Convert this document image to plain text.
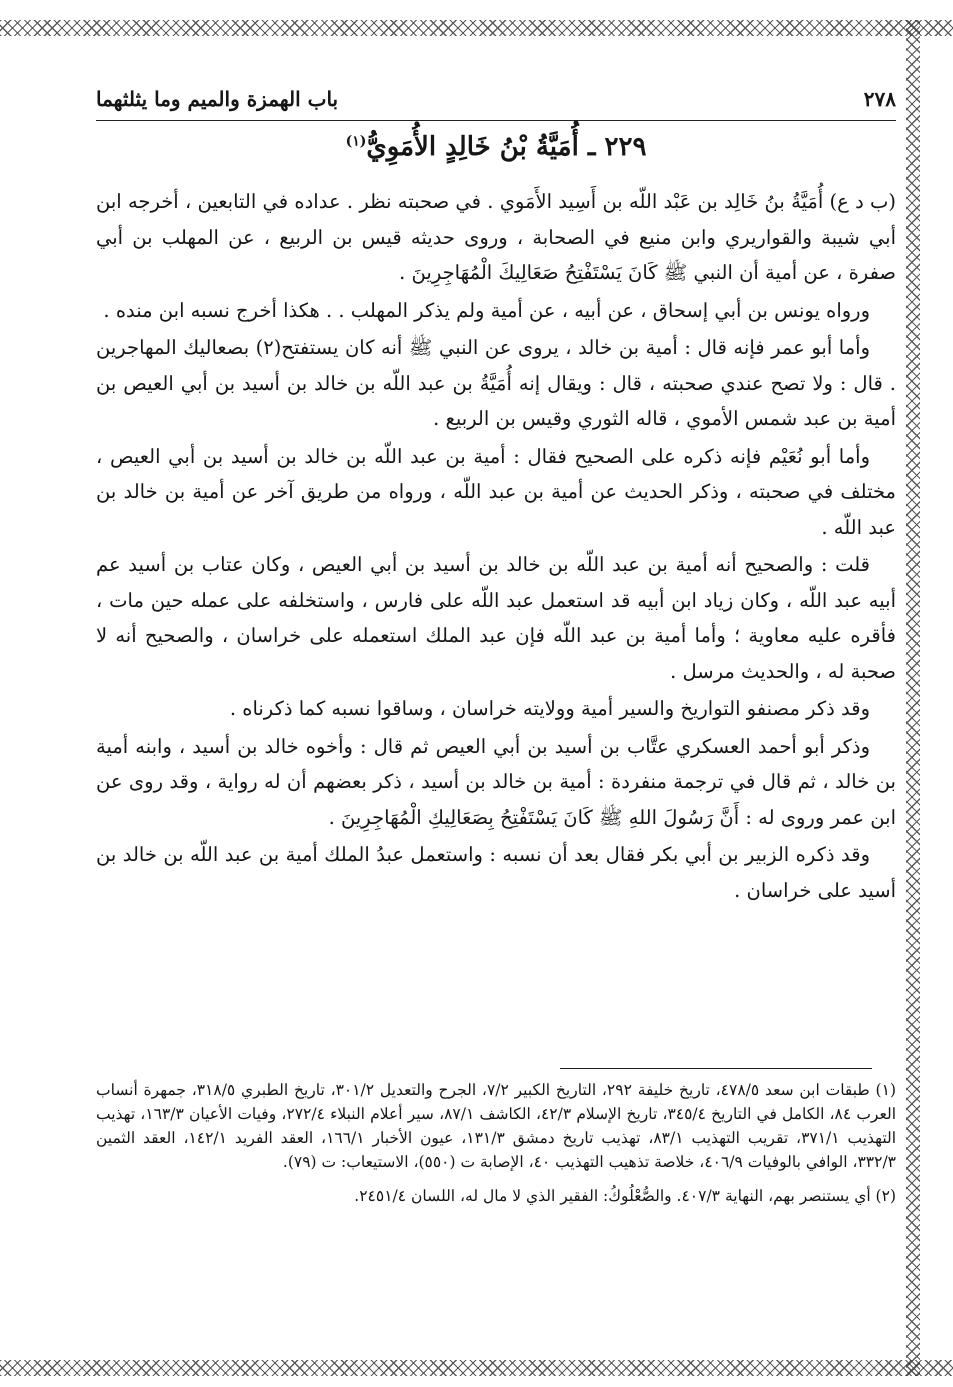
٢٧٨
باب الهمزة والميم وما يثلثهما
٢٢٩ ـ أُمَيَّةُ بْنُ خَالِدٍ الأُمَوِيُّ$^{(١)}$

(ب د ع) أُمَيَّةُ بنُ خَالِد بن عَبْد اللّه بن أَسِيد الأَمَوي . في صحبته نظر . عداده في التابعين ، أخرجه ابن أبي شيبة والقواريري وابن منيع في الصحابة ، وروى حديثه قيس بن الربيع ، عن المهلب بن أبي صفرة ، عن أمية أن النبي ﷺ كَانَ يَسْتَفْتِحُ صَعَالِيكَ الْمُهَاجِرِينَ .

ورواه يونس بن أبي إسحاق ، عن أبيه ، عن أمية ولم يذكر المهلب . . هكذا أخرج نسبه ابن منده .

وأما أبو عمر فإنه قال : أمية بن خالد ، يروى عن النبي ﷺ أنه كان يستفتح(٢) بصعاليك المهاجرين . قال : ولا تصح عندي صحبته ، قال : ويقال إنه أُمَيَّةُ بن عبد اللّه بن خالد بن أسيد بن أبي العيص بن أمية بن عبد شمس الأموي ، قاله الثوري وقيس بن الربيع .

وأما أبو نُعَيْم فإنه ذكره على الصحيح فقال : أمية بن عبد اللّه بن خالد بن أسيد بن أبي العيص ، مختلف في صحبته ، وذكر الحديث عن أمية بن عبد اللّه ، ورواه من طريق آخر عن أمية بن خالد بن عبد اللّه .

قلت : والصحيح أنه أمية بن عبد اللّه بن خالد بن أسيد بن أبي العيص ، وكان عتاب بن أسيد عم أبيه عبد اللّه ، وكان زياد ابن أبيه قد استعمل عبد اللّه على فارس ، واستخلفه على عمله حين مات ، فأقره عليه معاوية ؛ وأما أمية بن عبد اللّه فإن عبد الملك استعمله على خراسان ، والصحيح أنه لا صحبة له ، والحديث مرسل .

وقد ذكر مصنفو التواريخ والسير أمية وولايته خراسان ، وساقوا نسبه كما ذكرناه .

وذكر أبو أحمد العسكري عتَّاب بن أسيد بن أبي العيص ثم قال : وأخوه خالد بن أسيد ، وابنه أمية بن خالد ، ثم قال في ترجمة منفردة : أمية بن خالد بن أسيد ، ذكر بعضهم أن له رواية ، وقد روى عن ابن عمر وروى له : أَنَّ رَسُولَ اللهِ ﷺ كَانَ يَسْتَفْتِحُ بِصَعَالِيكِ الْمُهَاجِرِينَ .

وقد ذكره الزبير بن أبي بكر فقال بعد أن نسبه : واستعمل عبدُ الملك أمية بن عبد اللّه بن خالد بن أسيد على خراسان .

(١) طبقات ابن سعد ٤٧٨/٥، تاريخ خليفة ٢٩٢، التاريخ الكبير ٧/٢، الجرح والتعديل ٣٠١/٢، تاريخ الطبري ٣١٨/٥، جمهرة أنساب العرب ٨٤، الكامل في التاريخ ٣٤٥/٤، تاريخ الإسلام ٤٢/٣، الكاشف ٨٧/١، سير أعلام النبلاء ٢٧٢/٤، وفيات الأعيان ١٦٣/٣، تهذيب التهذيب ٣٧١/١، تقريب التهذيب ٨٣/١، تهذيب تاريخ دمشق ١٣١/٣، عيون الأخبار ١٦٦/١، العقد الفريد ١٤٢/١، العقد الثمين ٣٣٢/٣، الوافي بالوفيات ٤٠٦/٩، خلاصة تذهيب التهذيب ٤٠، الإصابة ت (٥٥٠)، الاستيعاب: ت (٧٩).

(٢) أي يستنصر بهم، النهاية ٤٠٧/٣. والصُّعْلُوكُ: الفقير الذي لا مال له، اللسان ٢٤٥١/٤.
